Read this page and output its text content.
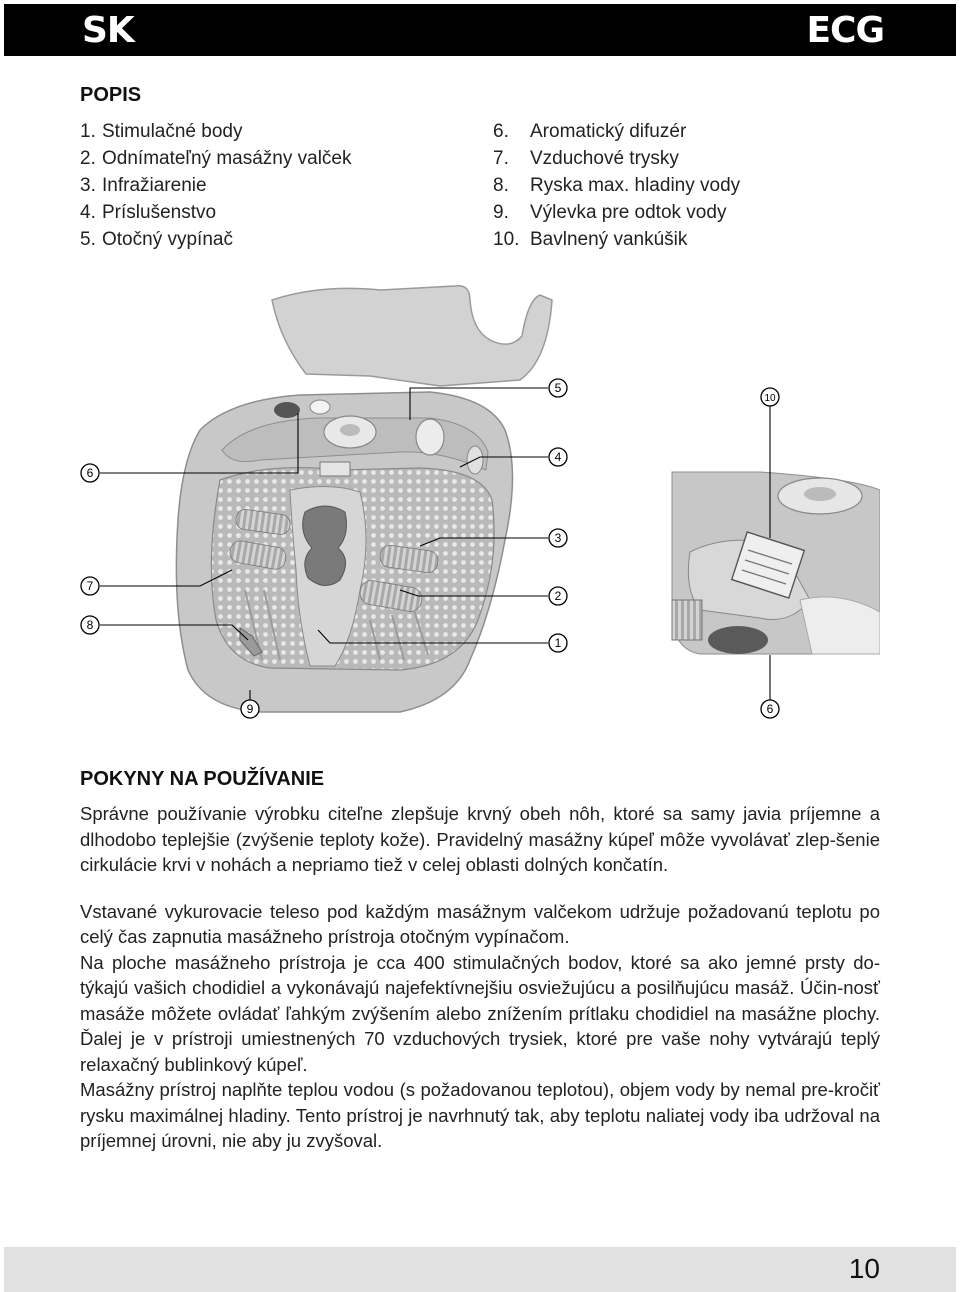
SK	ECG
POPIS
1. Stimulačné body
2. Odnímateľný masážny valček
3. Infražiarenie
4. Príslušenstvo
5. Otočný vypínač
6. Aromatický difuzér
7. Vzduchové trysky
8. Ryska max. hladiny vody
9. Výlevka pre odtok vody
10. Bavlnený vankúšik
6
5
10
4
3
7
2
8
1
9	6
POKYNY NA POUŽÍVANIE

Správne používanie výrobku citeľne zlepšuje krvný obeh nôh, ktoré sa samy javia príjemne a dlhodobo teplejšie (zvýšenie teploty kože). Pravidelný masážny kúpeľ môže vyvolávať zlep-šenie cirkulácie krvi v nohách a nepriamo tiež v celej oblasti dolných končatín.

Vstavané vykurovacie teleso pod každým masážnym valčekom udržuje požadovanú teplotu po celý čas zapnutia masážneho prístroja otočným vypínačom.

Na ploche masážneho prístroja je cca 400 stimulačných bodov, ktoré sa ako jemné prsty do-týkajú vašich chodidiel a vykonávajú najefektívnejšiu osviežujúcu a posilňujúcu masáž. Účin-nosť masáže môžete ovládať ľahkým zvýšením alebo znížením prítlaku chodidiel na masážne plochy. Ďalej je v prístroji umiestnených 70 vzduchových trysiek, ktoré pre vaše nohy vytvárajú teplý relaxačný bublinkový kúpeľ.

Masážny prístroj naplňte teplou vodou (s požadovanou teplotou), objem vody by nemal pre-kročiť rysku maximálnej hladiny. Tento prístroj je navrhnutý tak, aby teplotu naliatej vody iba udržoval na príjemnej úrovni, nie aby ju zvyšoval.

10
